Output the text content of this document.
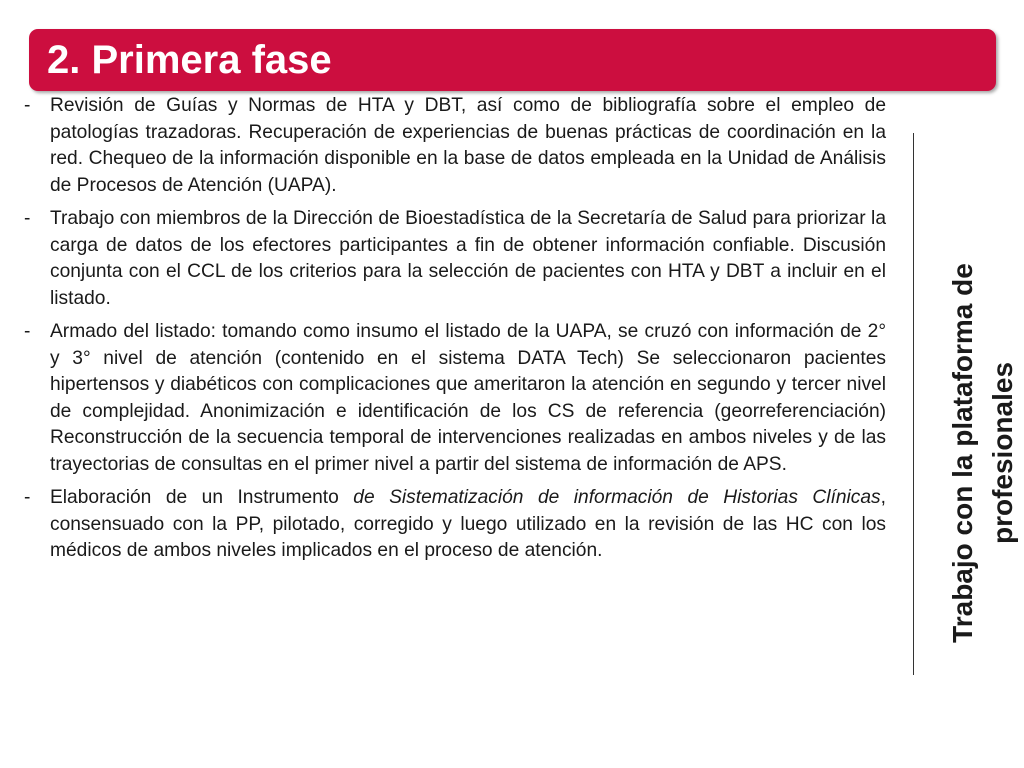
2. Primera fase
- Revisión de Guías y Normas de HTA y DBT, así como de bibliografía sobre el empleo de patologías trazadoras. Recuperación de experiencias de buenas prácticas de coordinación en la red. Chequeo de la información disponible en la base de datos empleada en la Unidad de Análisis de Procesos de Atención (UAPA).
- Trabajo con miembros de la Dirección de Bioestadística de la Secretaría de Salud para priorizar la carga de datos de los efectores participantes a fin de obtener información confiable. Discusión conjunta con el CCL de los criterios para la selección de pacientes con HTA y DBT a incluir en el listado.
- Armado del listado: tomando como insumo el listado de la UAPA, se cruzó con información de 2° y 3° nivel de atención (contenido en el sistema DATA Tech) Se seleccionaron pacientes hipertensos y diabéticos con complicaciones que ameritaron la atención en segundo y tercer nivel de complejidad. Anonimización e identificación de los CS de referencia (georreferenciación) Reconstrucción de la secuencia temporal de intervenciones realizadas en ambos niveles y de las trayectorias de consultas en el primer nivel a partir del sistema de información de APS.
- Elaboración de un Instrumento de Sistematización de información de Historias Clínicas, consensuado con la PP, pilotado, corregido y luego utilizado en la revisión de las HC con los médicos de ambos niveles implicados en el proceso de atención.	Trabajo con la plataforma de profesionales
